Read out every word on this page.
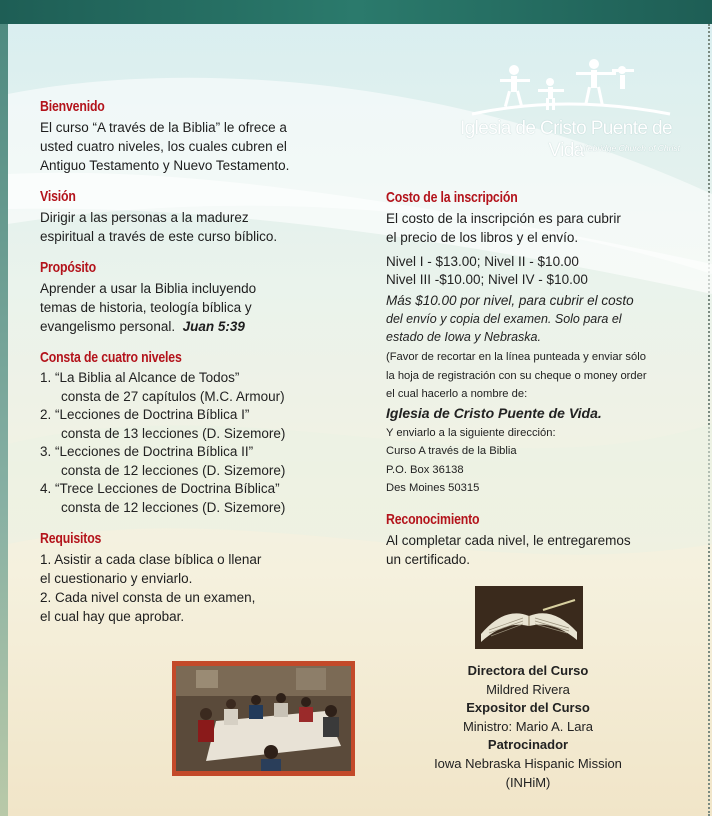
Iglesia de Cristo Puente de Vida
Lifebridge Church of Christ
Bienvenido
El curso “A través de la Biblia” le ofrece a
usted cuatro niveles, los cuales cubren el
Antiguo Testamento y Nuevo Testamento.
Visión
Dirigir a las personas a la madurez
espiritual a través de este curso bíblico.
Propósito
Aprender a usar la Biblia incluyendo
temas de historia, teología bíblica y
evangelismo personal. Juan 5:39
Consta de cuatro niveles
1. “La Biblia al Alcance de Todos”
consta de 27 capítulos (M.C. Armour)
2. “Lecciones de Doctrina Bíblica I”
consta de 13 lecciones (D. Sizemore)
3. “Lecciones de Doctrina Bíblica II”
consta de 12 lecciones (D. Sizemore)
4. “Trece Lecciones de Doctrina Bíblica”
consta de 12 lecciones (D. Sizemore)
Requisitos
1. Asistir a cada clase bíblica o llenar
el cuestionario y enviarlo.
2. Cada nivel consta de un examen,
el cual hay que aprobar.
Costo de la inscripción
El costo de la inscripción es para cubrir
el precio de los libros y el envío.
Nivel I - $13.00; Nivel II - $10.00
Nivel III -$10.00; Nivel IV - $10.00
Más $10.00 por nivel, para cubrir el costo
del envío y copia del examen. Solo para el
estado de Iowa y Nebraska.
(Favor de recortar en la línea punteada y enviar sólo
la hoja de registración con su cheque o money order
el cual hacerlo a nombre de:
Iglesia de Cristo Puente de Vida.
Y enviarlo a la siguiente dirección:
Curso A través de la Biblia
P.O. Box 36138
Des Moines 50315
Reconocimiento
Al completar cada nivel, le entregaremos
un certificado.
Directora del Curso
Mildred Rivera
Expositor del Curso
Ministro: Mario A. Lara
Patrocinador
Iowa Nebraska Hispanic Mission
(INHiM)
